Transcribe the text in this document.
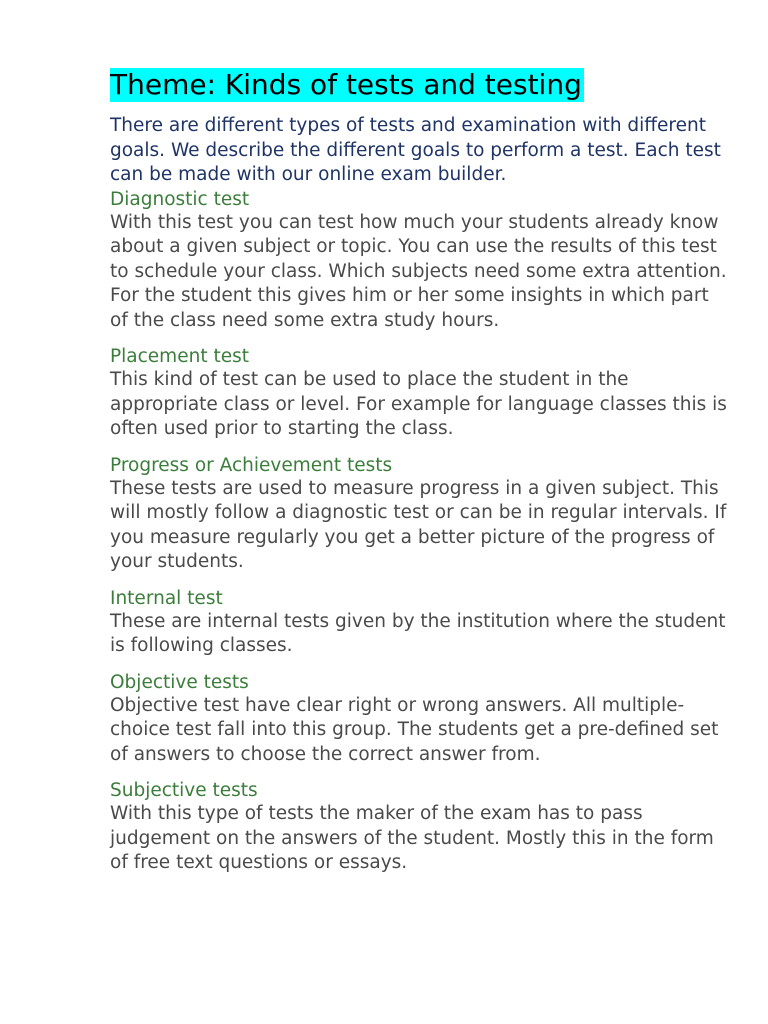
Theme: Kinds of tests and testing

There are different types of tests and examination with different goals. We describe the different goals to perform a test. Each test can be made with our online exam builder.

Diagnostic test

With this test you can test how much your students already know about a given subject or topic. You can use the results of this test to schedule your class. Which subjects need some extra attention. For the student this gives him or her some insights in which part of the class need some extra study hours.

Placement test

This kind of test can be used to place the student in the appropriate class or level. For example for language classes this is often used prior to starting the class.

Progress or Achievement tests

These tests are used to measure progress in a given subject. This will mostly follow a diagnostic test or can be in regular intervals. If you measure regularly you get a better picture of the progress of your students.

Internal test

These are internal tests given by the institution where the student is following classes.

Objective tests

Objective test have clear right or wrong answers. All multiple-choice test fall into this group. The students get a pre-defined set of answers to choose the correct answer from.

Subjective tests

With this type of tests the maker of the exam has to pass judgement on the answers of the student. Mostly this in the form of free text questions or essays.
